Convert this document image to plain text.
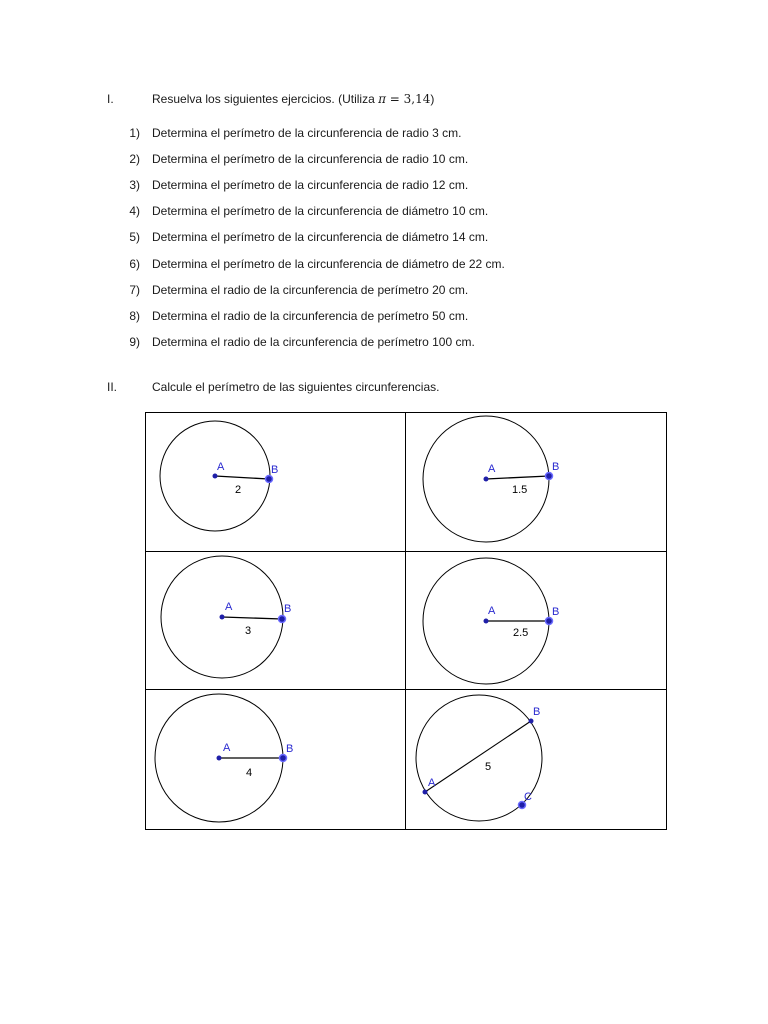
I.	Resuelva los siguientes ejercicios. (Utiliza π = 3,14)
1) Determina el perímetro de la circunferencia de radio 3 cm.
2) Determina el perímetro de la circunferencia de radio 10 cm.
3) Determina el perímetro de la circunferencia de radio 12 cm.
4) Determina el perímetro de la circunferencia de diámetro 10 cm.
5) Determina el perímetro de la circunferencia de diámetro 14 cm.
6) Determina el perímetro de la circunferencia de diámetro de 22 cm.
7) Determina el radio de la circunferencia de perímetro 20 cm.
8) Determina el radio de la circunferencia de perímetro 50 cm.
9) Determina el radio de la circunferencia de perímetro 100 cm.
II.	Calcule el perímetro de las siguientes circunferencias.
A	B
2
A	B
1.5
A	B
3
A	B
2.5
A	B
4
A
B
C
5
